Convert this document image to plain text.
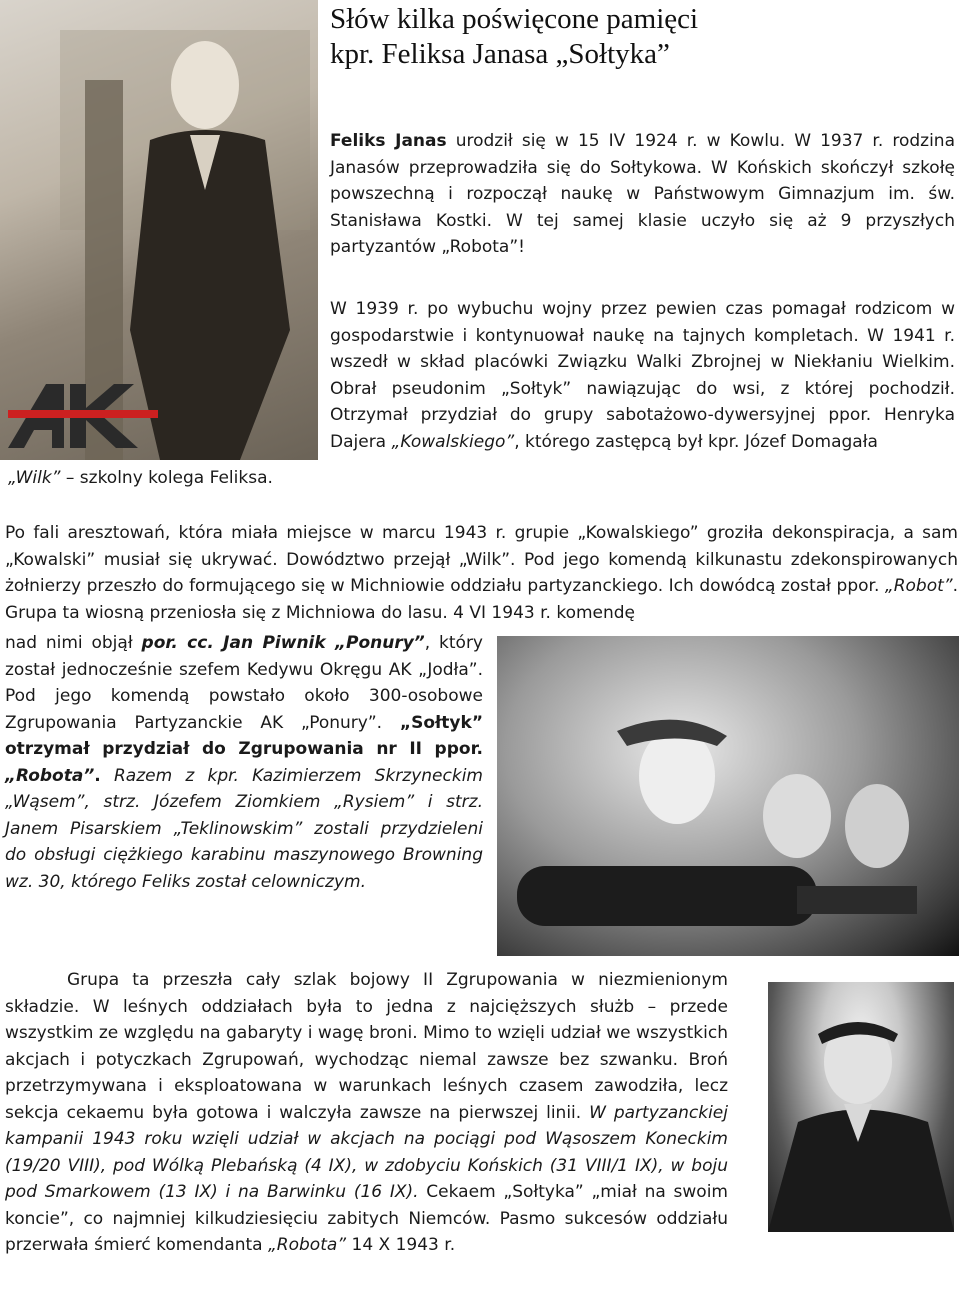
Słów kilka poświęcone pamięci
kpr. Feliksa Janasa „Sołtyka”
„Wilk” – szkolny kolega Feliksa.
Feliks Janas urodził się w 15 IV 1924 r. w Kowlu. W 1937 r. rodzina Janasów przeprowadziła się do Sołtykowa. W Końskich skończył szkołę powszechną i rozpoczął naukę w Państwowym Gimnazjum im. św. Stanisława Kostki. W tej samej klasie uczyło się aż 9 przyszłych partyzantów „Robota”!
W 1939 r. po wybuchu wojny przez pewien czas pomagał rodzicom w gospodarstwie i kontynuował naukę na tajnych kompletach. W 1941 r. wszedł w skład placówki Związku Walki Zbrojnej w Niekłaniu Wielkim. Obrał pseudonim „Sołtyk” nawiązując do wsi, z której pochodził. Otrzymał przydział do grupy sabotażowo-dywersyjnej ppor. Henryka Dajera „Kowalskiego”, którego zastępcą był kpr. Józef Domagała
Po fali aresztowań, która miała miejsce w marcu 1943 r. grupie „Kowalskiego” groziła dekonspiracja, a sam „Kowalski” musiał się ukrywać. Dowództwo przejął „Wilk”. Pod jego komendą kilkunastu zdekonspirowanych żołnierzy przeszło do formującego się w Michniowie oddziału partyzanckiego. Ich dowódcą został ppor. „Robot”. Grupa ta wiosną przeniosła się z Michniowa do lasu. 4 VI 1943 r. komendę
nad nimi objął por. cc. Jan Piwnik „Ponury”, który został jednocześnie szefem Kedywu Okręgu AK „Jodła”. Pod jego komendą powstało około 300-osobowe Zgrupowania Partyzanckie AK „Ponury”. „Sołtyk” otrzymał przydział do Zgrupowania nr II ppor. „Robota”. Razem z kpr. Kazimierzem Skrzyneckim „Wąsem”, strz. Józefem Ziomkiem „Rysiem” i strz. Janem Pisarskiem „Teklinowskim” zostali przydzieleni do obsługi ciężkiego karabinu maszynowego Browning wz. 30, którego Feliks został celowniczym.
Grupa ta przeszła cały szlak bojowy II Zgrupowania w niezmienionym składzie. W leśnych oddziałach była to jedna z najcięższych służb – przede wszystkim ze względu na gabaryty i wagę broni. Mimo to wzięli udział we wszystkich akcjach i potyczkach Zgrupowań, wychodząc niemal zawsze bez szwanku. Broń przetrzymywana i eksploatowana w warunkach leśnych czasem zawodziła, lecz sekcja cekaemu była gotowa i walczyła zawsze na pierwszej linii. W partyzanckiej kampanii 1943 roku wzięli udział w akcjach na pociągi pod Wąsoszem Koneckim (19/20 VIII), pod Wólką Plebańską (4 IX), w zdobyciu Końskich (31 VIII/1 IX), w boju pod Smarkowem (13 IX) i na Barwinku (16 IX). Cekaem „Sołtyka” „miał na swoim koncie”, co najmniej kilkudziesięciu zabitych Niemców. Pasmo sukcesów oddziału przerwała śmierć komendanta „Robota” 14 X 1943 r.
